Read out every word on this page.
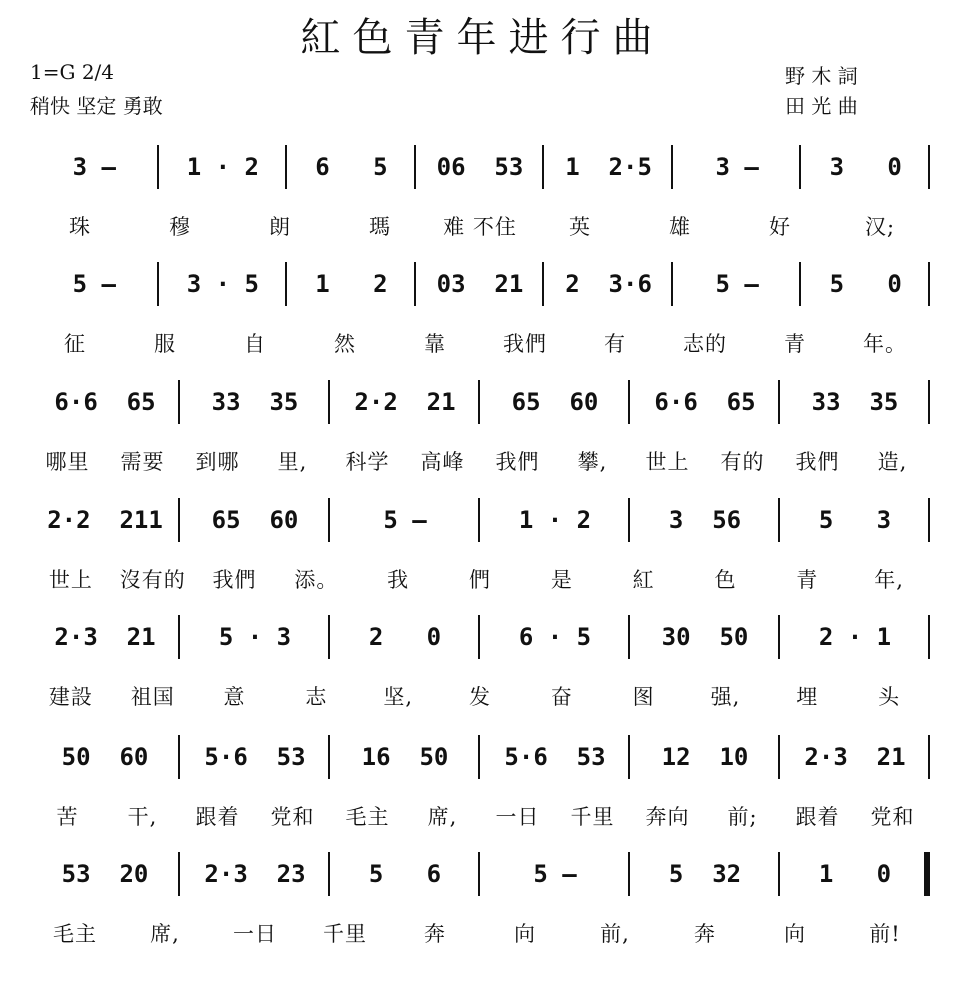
紅色青年进行曲
1=G 2/4
稍快 坚定 勇敢
野 木 詞
田 光 曲
3 —	1 · 2	6   5	06  53	1  2·5	3 —	3   0
珠	穆	朗	瑪	难 不住	英	雄	好	汉;
5 —	3 · 5	1   2	03  21	2  3·6	5 —	5   0
征	服	自	然	靠	我們	有	志的	青	年。
6·6  65	33  35	2·2  21	65  60	6·6  65	33  35
哪里	需要	到哪	里,	科学	高峰	我們	攀,	世上	有的	我們	造,
2·2  211	65  60	5 —	1 · 2	3  56	5   3
世上	沒有的	我們	添。	我	們	是	紅	色	青	年,
2·3  21	5 · 3	2   0	6 · 5	30  50	2 · 1
建設	祖国	意	志	坚,	发	奋	图	强,	埋	头
50  60	5·6  53	16  50	5·6  53	12  10	2·3  21
苦	干,	跟着	党和	毛主	席,	一日	千里	奔向	前;	跟着	党和
53  20	2·3  23	5   6	5 —	5  32	1   0
毛主	席,	一日	千里	奔	向	前,	奔	向	前!
